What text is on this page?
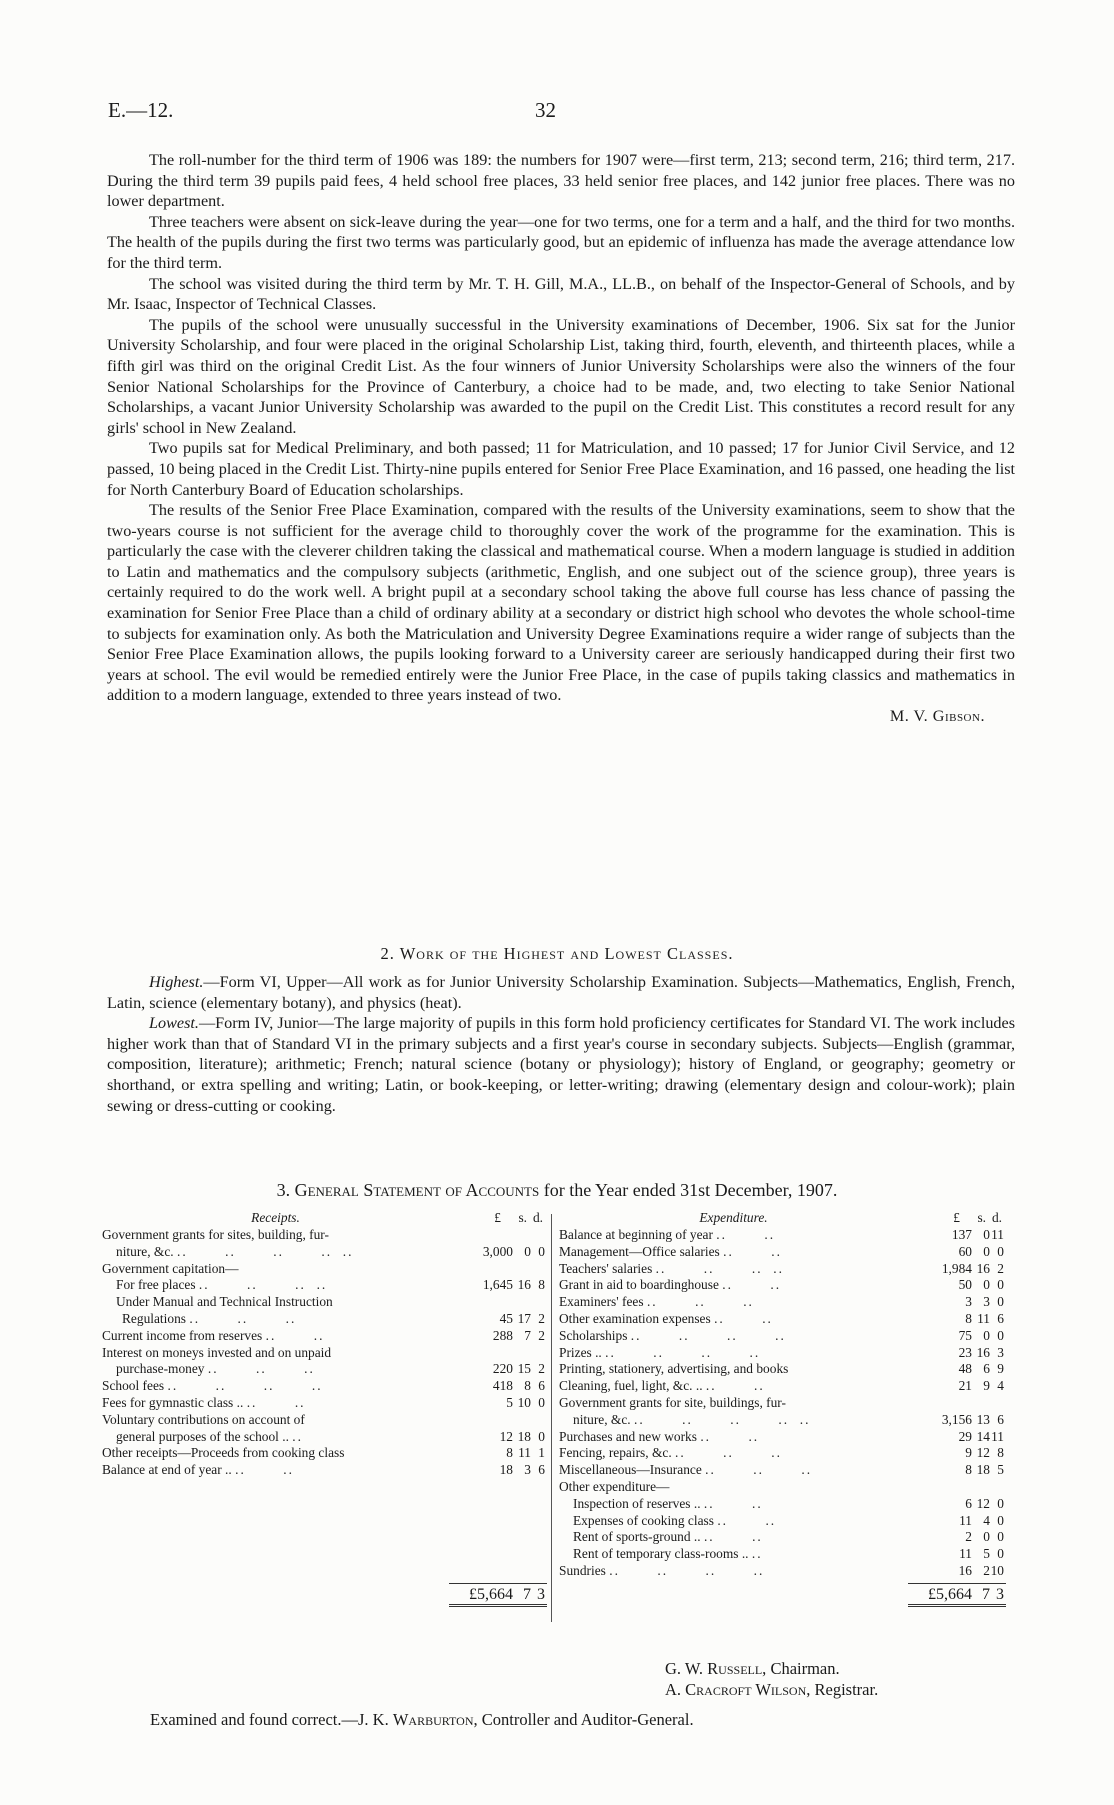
E.—12.	32

The roll-number for the third term of 1906 was 189: the numbers for 1907 were—first term, 213; second term, 216; third term, 217. During the third term 39 pupils paid fees, 4 held school free places, 33 held senior free places, and 142 junior free places. There was no lower department.

Three teachers were absent on sick-leave during the year—one for two terms, one for a term and a half, and the third for two months. The health of the pupils during the first two terms was particularly good, but an epidemic of influenza has made the average attendance low for the third term.

The school was visited during the third term by Mr. T. H. Gill, M.A., LL.B., on behalf of the Inspector-General of Schools, and by Mr. Isaac, Inspector of Technical Classes.

The pupils of the school were unusually successful in the University examinations of December, 1906. Six sat for the Junior University Scholarship, and four were placed in the original Scholarship List, taking third, fourth, eleventh, and thirteenth places, while a fifth girl was third on the original Credit List. As the four winners of Junior University Scholarships were also the winners of the four Senior National Scholarships for the Province of Canterbury, a choice had to be made, and, two electing to take Senior National Scholarships, a vacant Junior University Scholarship was awarded to the pupil on the Credit List. This constitutes a record result for any girls' school in New Zealand.

Two pupils sat for Medical Preliminary, and both passed; 11 for Matriculation, and 10 passed; 17 for Junior Civil Service, and 12 passed, 10 being placed in the Credit List. Thirty-nine pupils entered for Senior Free Place Examination, and 16 passed, one heading the list for North Canterbury Board of Education scholarships.

The results of the Senior Free Place Examination, compared with the results of the University examinations, seem to show that the two-years course is not sufficient for the average child to thoroughly cover the work of the programme for the examination. This is particularly the case with the cleverer children taking the classical and mathematical course. When a modern language is studied in addition to Latin and mathematics and the compulsory subjects (arithmetic, English, and one subject out of the science group), three years is certainly required to do the work well. A bright pupil at a secondary school taking the above full course has less chance of passing the examination for Senior Free Place than a child of ordinary ability at a secondary or district high school who devotes the whole school-time to subjects for examination only. As both the Matriculation and University Degree Examinations require a wider range of subjects than the Senior Free Place Examination allows, the pupils looking forward to a University career are seriously handicapped during their first two years at school. The evil would be remedied entirely were the Junior Free Place, in the case of pupils taking classics and mathematics in addition to a modern language, extended to three years instead of two.

M. V. Gibson.
2. Work of the Highest and Lowest Classes.

Highest.—Form VI, Upper—All work as for Junior University Scholarship Examination. Subjects—Mathematics, English, French, Latin, science (elementary botany), and physics (heat).

Lowest.—Form IV, Junior—The large majority of pupils in this form hold proficiency certificates for Standard VI. The work includes higher work than that of Standard VI in the primary subjects and a first year's course in secondary subjects. Subjects—English (grammar, composition, literature); arithmetic; French; natural science (botany or physiology); history of England, or geography; geometry or shorthand, or extra spelling and writing; Latin, or book-keeping, or letter-writing; drawing (elementary design and colour-work); plain sewing or dress-cutting or cooking.

3. General Statement of Accounts for the Year ended 31st December, 1907.
Receipts.	£ s. d.
Government grants for sites, building, fur-
niture, &c. ..       ..       ..       ..  ..	3,000 0 0
Government capitation—
For free places ..       ..       ..  ..	1,645 16 8
Under Manual and Technical Instruction
Regulations ..       ..       ..	45 17 2
Current income from reserves ..       ..	288 7 2
Interest on moneys invested and on unpaid
purchase-money ..       ..       ..	220 15 2
School fees ..       ..       ..       ..	418 8 6
Fees for gymnastic class .. ..       ..	5 10 0
Voluntary contributions on account of
general purposes of the school .. ..	12 18 0
Other receipts—Proceeds from cooking class	8 11 1
Balance at end of year .. ..       ..	18 3 6
Expenditure.	£ s. d.
Balance at beginning of year ..       ..	137 0 11
Management—Office salaries ..       ..	60 0 0
Teachers' salaries ..       ..       ..  ..	1,984 16 2
Grant in aid to boardinghouse ..       ..	50 0 0
Examiners' fees ..       ..       ..	3 3 0
Other examination expenses ..       ..	8 11 6
Scholarships ..       ..       ..       ..	75 0 0
Prizes .. ..       ..       ..       ..	23 16 3
Printing, stationery, advertising, and books	48 6 9
Cleaning, fuel, light, &c. .. ..       ..	21 9 4
Government grants for site, buildings, fur-
niture, &c. ..       ..       ..       ..  ..	3,156 13 6
Purchases and new works ..       ..	29 14 11
Fencing, repairs, &c. ..       ..       ..	9 12 8
Miscellaneous—Insurance ..       ..       ..	8 18 5
Other expenditure—
Inspection of reserves .. ..       ..	6 12 0
Expenses of cooking class ..       ..	11 4 0
Rent of sports-ground .. ..       ..	2 0 0
Rent of temporary class-rooms .. ..	11 5 0
Sundries ..       ..       ..       ..	16 2 10
£5,664 7 3	£5,664 7 3
G. W. Russell, Chairman.
A. Cracroft Wilson, Registrar.
Examined and found correct.—J. K. Warburton, Controller and Auditor-General.
